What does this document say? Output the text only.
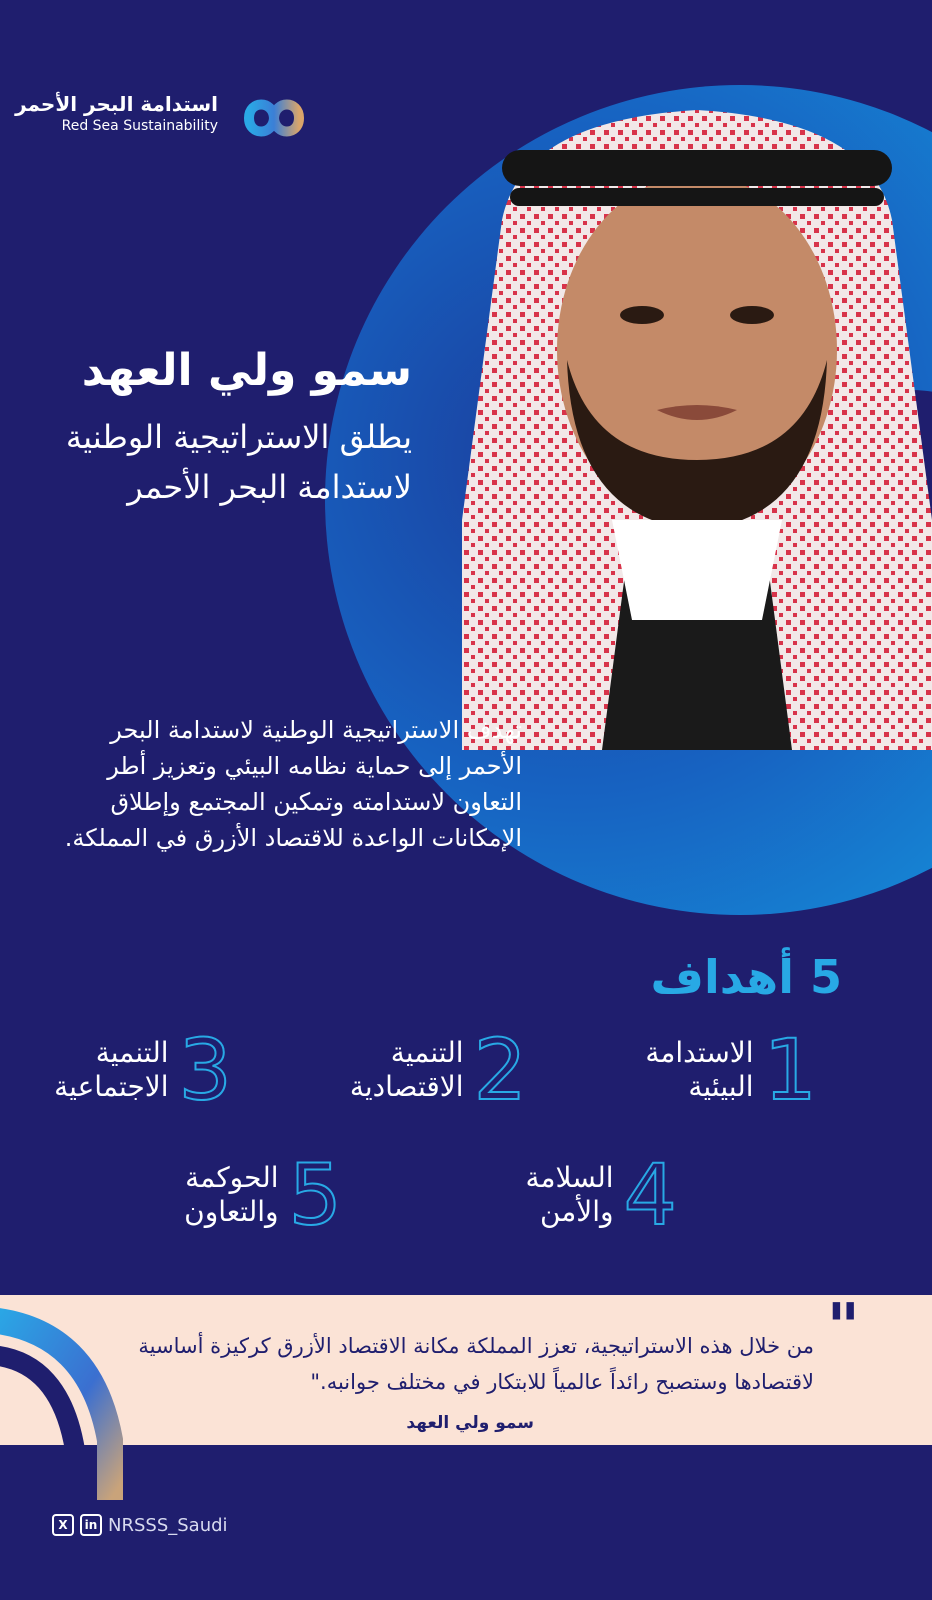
استدامة البحر الأحمر
Red Sea Sustainability
سمو ولي العهد

يطلق الاستراتيجية الوطنية لاستدامة البحر الأحمر

تهدف الاستراتيجية الوطنية لاستدامة البحر الأحمر إلى حماية نظامه البيئي وتعزيز أطر التعاون لاستدامته وتمكين المجتمع وإطلاق الإمكانات الواعدة للاقتصاد الأزرق في المملكة.
5 أهداف
1
الاستدامة
البيئية
2
التنمية
الاقتصادية
3
التنمية
الاجتماعية
4
السلامة
والأمن
5
الحوكمة
والتعاون
"
من خلال هذه الاستراتيجية، تعزز المملكة مكانة الاقتصاد الأزرق كركيزة أساسية لاقتصادها وستصبح رائداً عالمياً للابتكار في مختلف جوانبه."
سمو ولي العهد
X	in NRSSS_Saudi
